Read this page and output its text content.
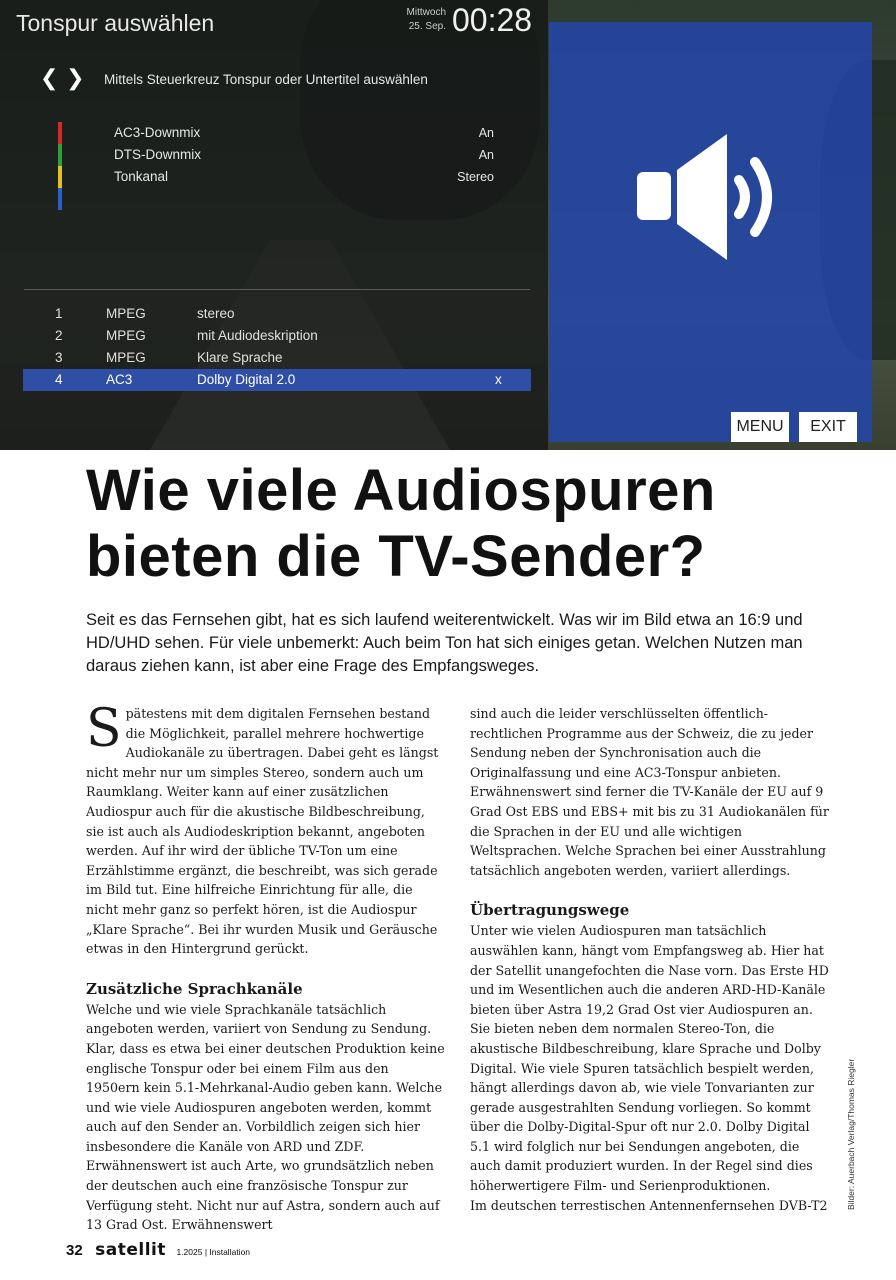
Tonspur auswählen	Mittwoch
25. Sep. 00:28
❮ ❯ Mittels Steuerkreuz Tonspur oder Untertitel auswählen
AC3-Downmix	An
DTS-Downmix	An
Tonkanal	Stereo
1	MPEG	stereo
2	MPEG	mit Audiodeskription
3	MPEG	Klare Sprache
4	AC3	Dolby Digital 2.0	x
MENU	EXIT
Wie viele Audiospuren
bieten die TV-Sender?

Seit es das Fernsehen gibt, hat es sich laufend weiterentwickelt. Was wir im Bild etwa an 16:9 und HD/UHD sehen. Für viele unbemerkt: Auch beim Ton hat sich einiges getan. Welchen Nutzen man daraus ziehen kann, ist aber eine Frage des Empfangsweges.

Spätestens mit dem digitalen Fernsehen bestand die Möglichkeit, parallel mehrere hochwertige Audiokanäle zu übertragen. Dabei geht es längst nicht mehr nur um simples Stereo, sondern auch um Raumklang. Weiter kann auf einer zusätzlichen Audiospur auch für die akustische Bildbeschreibung, sie ist auch als Audiodeskription bekannt, angeboten werden. Auf ihr wird der übliche TV-Ton um eine Erzählstimme ergänzt, die beschreibt, was sich gerade im Bild tut. Eine hilfreiche Einrichtung für alle, die nicht mehr ganz so perfekt hören, ist die Audiospur „Klare Sprache“. Bei ihr wurden Musik und Geräusche etwas in den Hintergrund gerückt.

Zusätzliche Sprachkanäle

Welche und wie viele Sprachkanäle tatsächlich angeboten werden, variiert von Sendung zu Sendung. Klar, dass es etwa bei einer deutschen Produktion keine englische Tonspur oder bei einem Film aus den 1950ern kein 5.1-Mehrkanal-Audio geben kann. Welche und wie viele Audiospuren angeboten werden, kommt auch auf den Sender an. Vorbildlich zeigen sich hier insbesondere die Kanäle von ARD und ZDF. Erwähnenswert ist auch Arte, wo grundsätzlich neben der deutschen auch eine französische Tonspur zur Verfügung steht. Nicht nur auf Astra, sondern auch auf 13 Grad Ost. Erwähnenswert

sind auch die leider verschlüsselten öffentlich-rechtlichen Programme aus der Schweiz, die zu jeder Sendung neben der Synchronisation auch die Originalfassung und eine AC3-Tonspur anbieten. Erwähnenswert sind ferner die TV-Kanäle der EU auf 9 Grad Ost EBS und EBS+ mit bis zu 31 Audiokanälen für die Sprachen in der EU und alle wichtigen Weltsprachen. Welche Sprachen bei einer Ausstrahlung tatsächlich angeboten werden, variiert allerdings.

Übertragungswege

Unter wie vielen Audiospuren man tatsächlich auswählen kann, hängt vom Empfangsweg ab. Hier hat der Satellit unangefochten die Nase vorn. Das Erste HD und im Wesentlichen auch die anderen ARD-HD-Kanäle bieten über Astra 19,2 Grad Ost vier Audiospuren an. Sie bieten neben dem normalen Stereo-Ton, die akustische Bildbeschreibung, klare Sprache und Dolby Digital. Wie viele Spuren tatsächlich bespielt werden, hängt allerdings davon ab, wie viele Tonvarianten zur gerade ausgestrahlten Sendung vorliegen. So kommt über die Dolby-Digital-Spur oft nur 2.0. Dolby Digital 5.1 wird folglich nur bei Sendungen angeboten, die auch damit produziert wurden. In der Regel sind dies höherwertigere Film- und Serienproduktionen.

Im deutschen terrestischen Antennenfernsehen DVB-T2 Bilder: Auerbach Verlag/Thomas Riegler
32 satellit 1.2025 | Installation
